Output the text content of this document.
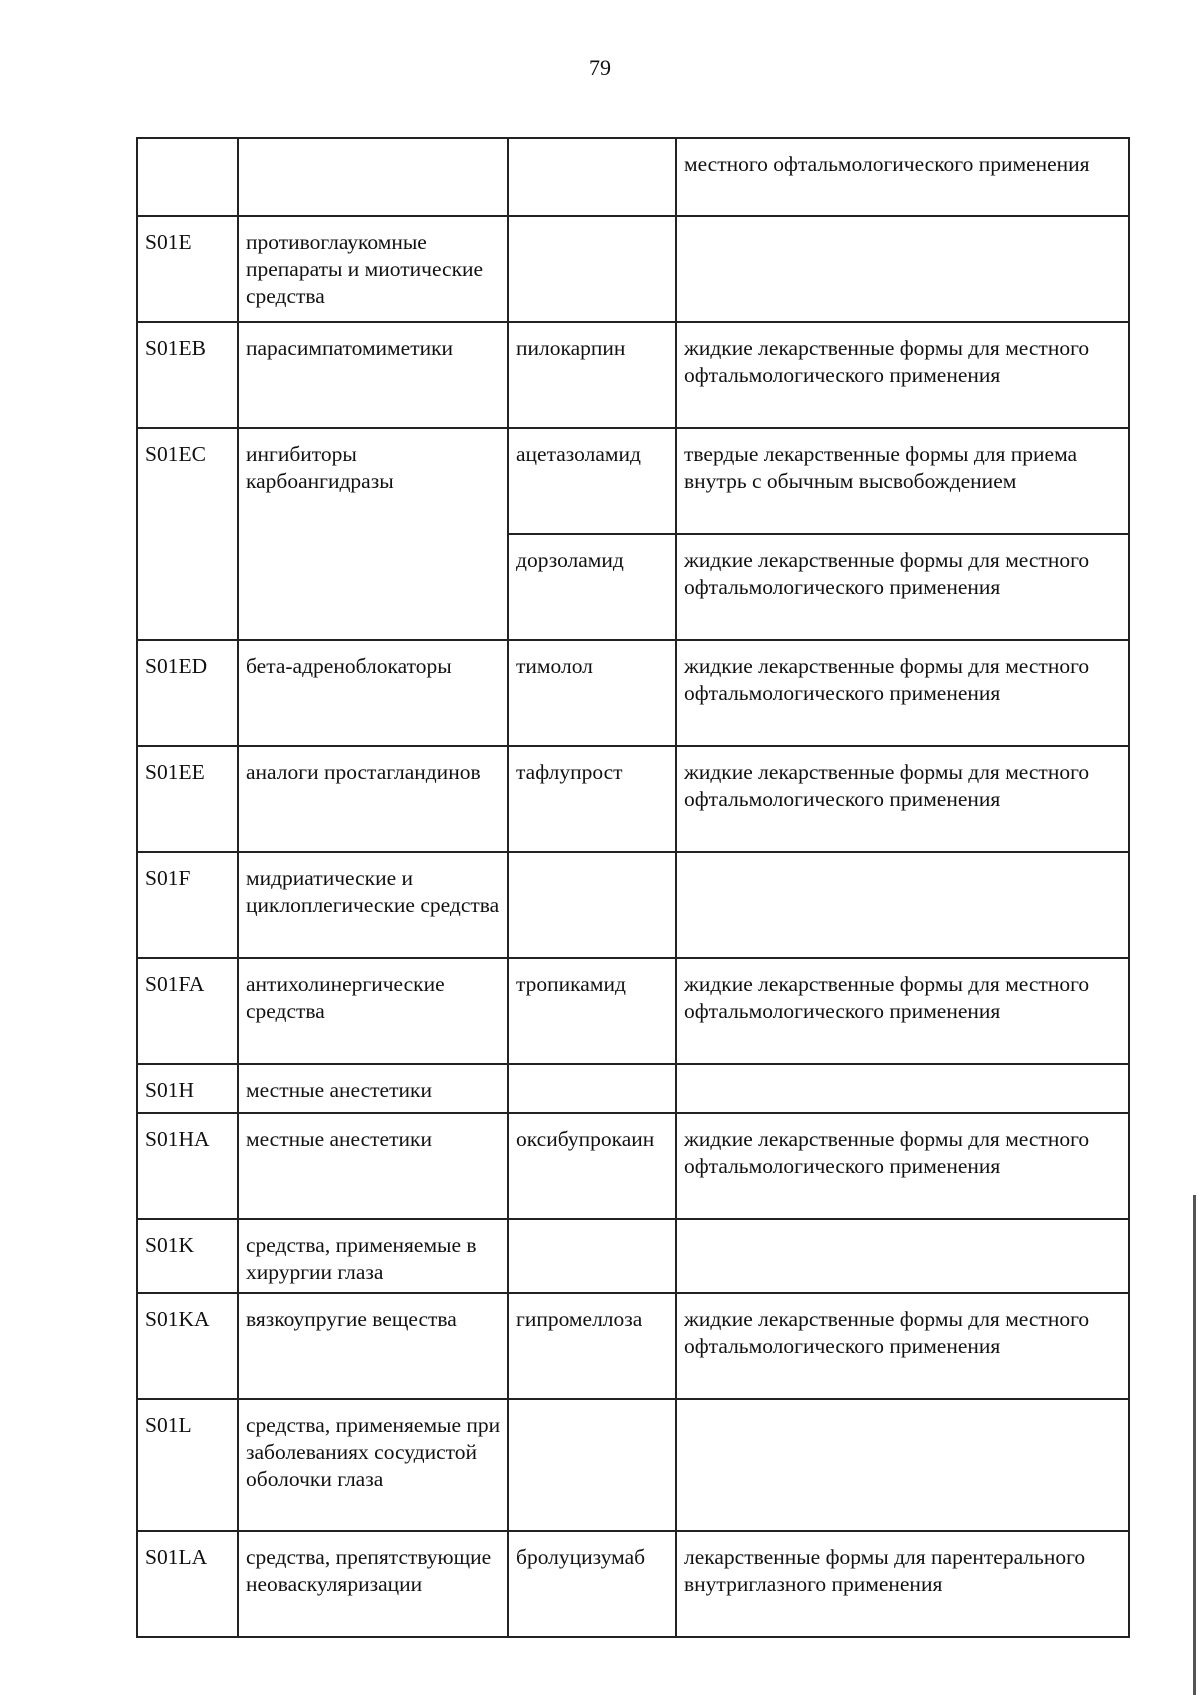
79
			местного офтальмологического применения
S01E	противоглаукомные препараты и миотические средства		
S01EB	парасимпатомиметики	пилокарпин	жидкие лекарственные формы для местного офтальмологического применения
S01EC	ингибиторы карбоангидразы	ацетазоламид	твердые лекарственные формы для приема внутрь с обычным высвобождением
		дорзоламид	жидкие лекарственные формы для местного офтальмологического применения
S01ED	бета-адреноблокаторы	тимолол	жидкие лекарственные формы для местного офтальмологического применения
S01EE	аналоги простагландинов	тафлупрост	жидкие лекарственные формы для местного офтальмологического применения
S01F	мидриатические и циклоплегические средства		
S01FA	антихолинергические средства	тропикамид	жидкие лекарственные формы для местного офтальмологического применения
S01H	местные анестетики		
S01HA	местные анестетики	оксибупрокаин	жидкие лекарственные формы для местного офтальмологического применения
S01K	средства, применяемые в хирургии глаза		
S01KA	вязкоупругие вещества	гипромеллоза	жидкие лекарственные формы для местного офтальмологического применения
S01L	средства, применяемые при заболеваниях сосудистой оболочки глаза		
S01LA	средства, препятствующие неоваскуляризации	бролуцизумаб	лекарственные формы для парентерального внутриглазного применения
